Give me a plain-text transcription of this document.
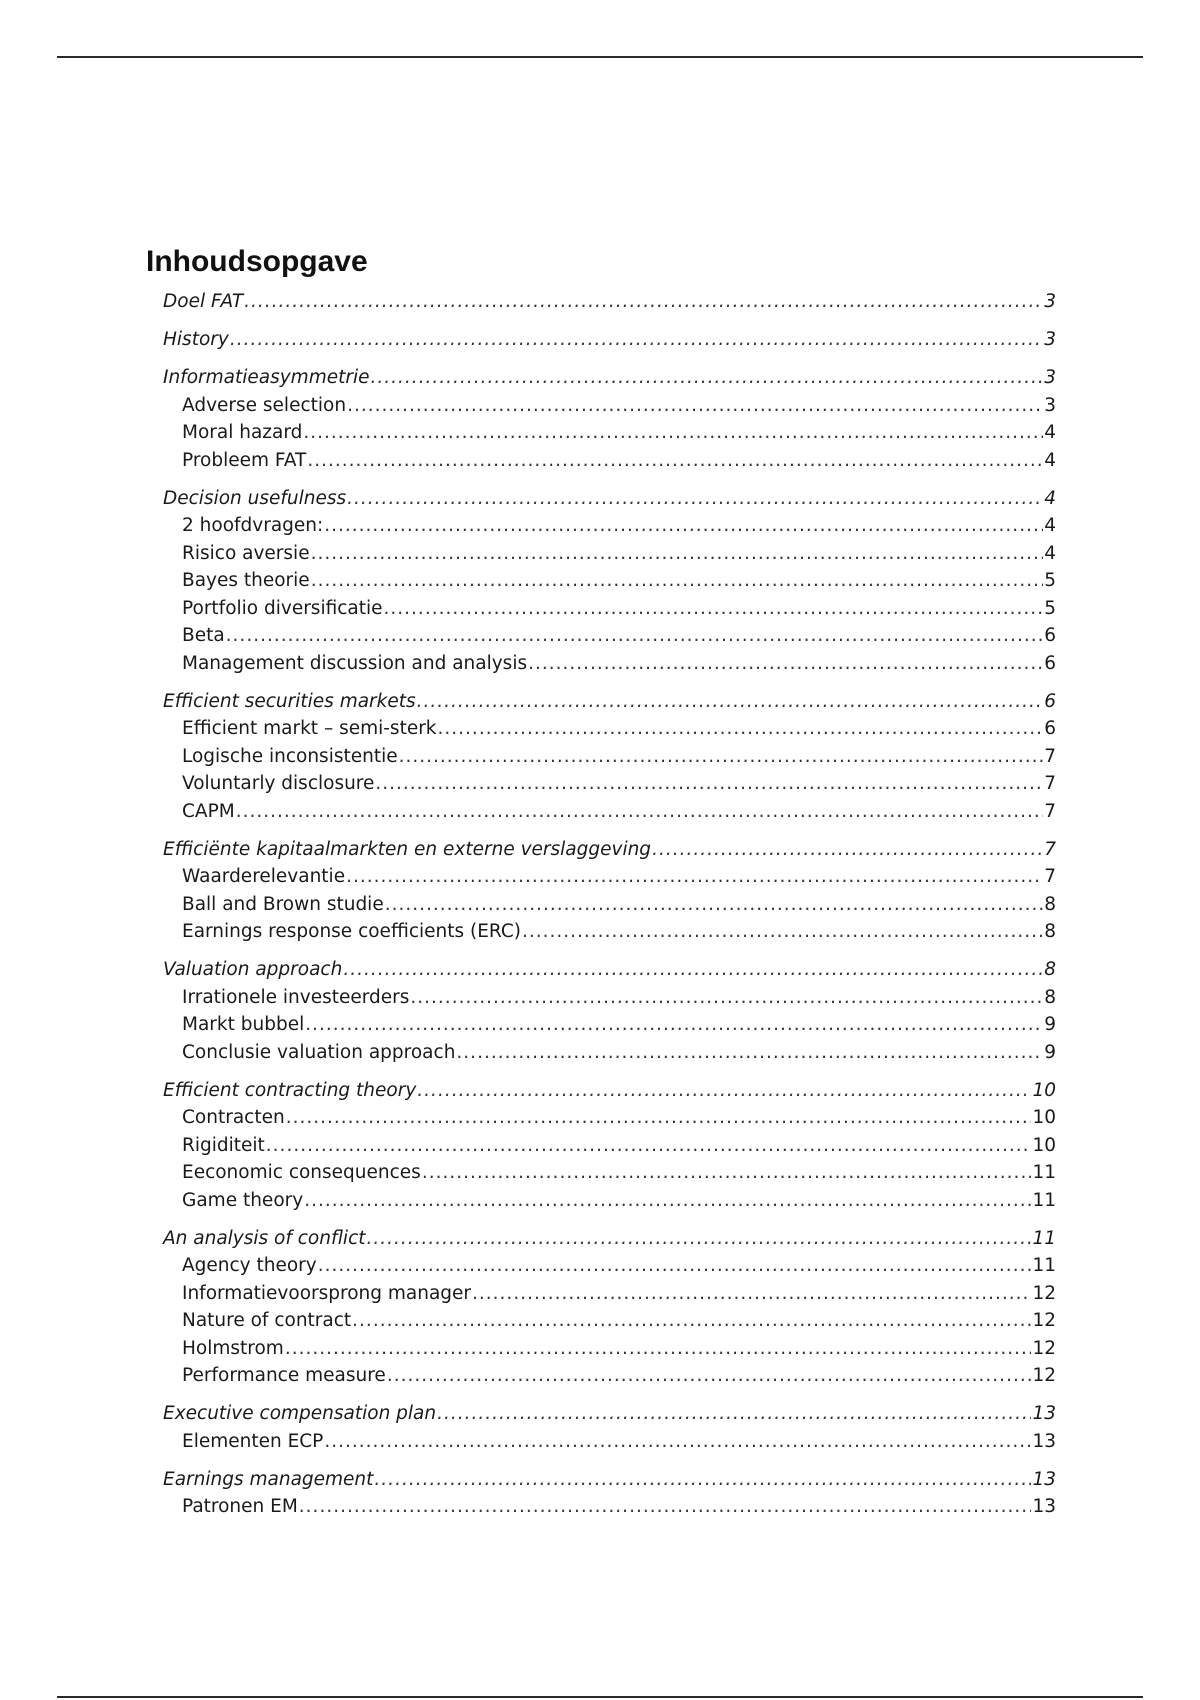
Inhoudsopgave
Doel FAT .....	3
History .....	3
Informatieasymmetrie .....	3
Adverse selection .....	3
Moral hazard .....	4
Probleem FAT .....	4
Decision usefulness .....	4
2 hoofdvragen: .....	4
Risico aversie .....	4
Bayes theorie .....	5
Portfolio diversificatie .....	5
Beta .....	6
Management discussion and analysis .....	6
Efficient securities markets .....	6
Efficient markt – semi-sterk .....	6
Logische inconsistentie .....	7
Voluntarly disclosure .....	7
CAPM .....	7
Efficiënte kapitaalmarkten en externe verslaggeving .....	7
Waarderelevantie .....	7
Ball and Brown studie .....	8
Earnings response coefficients (ERC) .....	8
Valuation approach .....	8
Irrationele investeerders .....	8
Markt bubbel .....	9
Conclusie valuation approach .....	9
Efficient contracting theory .....	10
Contracten .....	10
Rigiditeit .....	10
Eeconomic consequences .....	11
Game theory .....	11
An analysis of conflict .....	11
Agency theory .....	11
Informatievoorsprong manager .....	12
Nature of contract .....	12
Holmstrom .....	12
Performance measure .....	12
Executive compensation plan .....	13
Elementen ECP .....	13
Earnings management .....	13
Patronen EM .....	13
